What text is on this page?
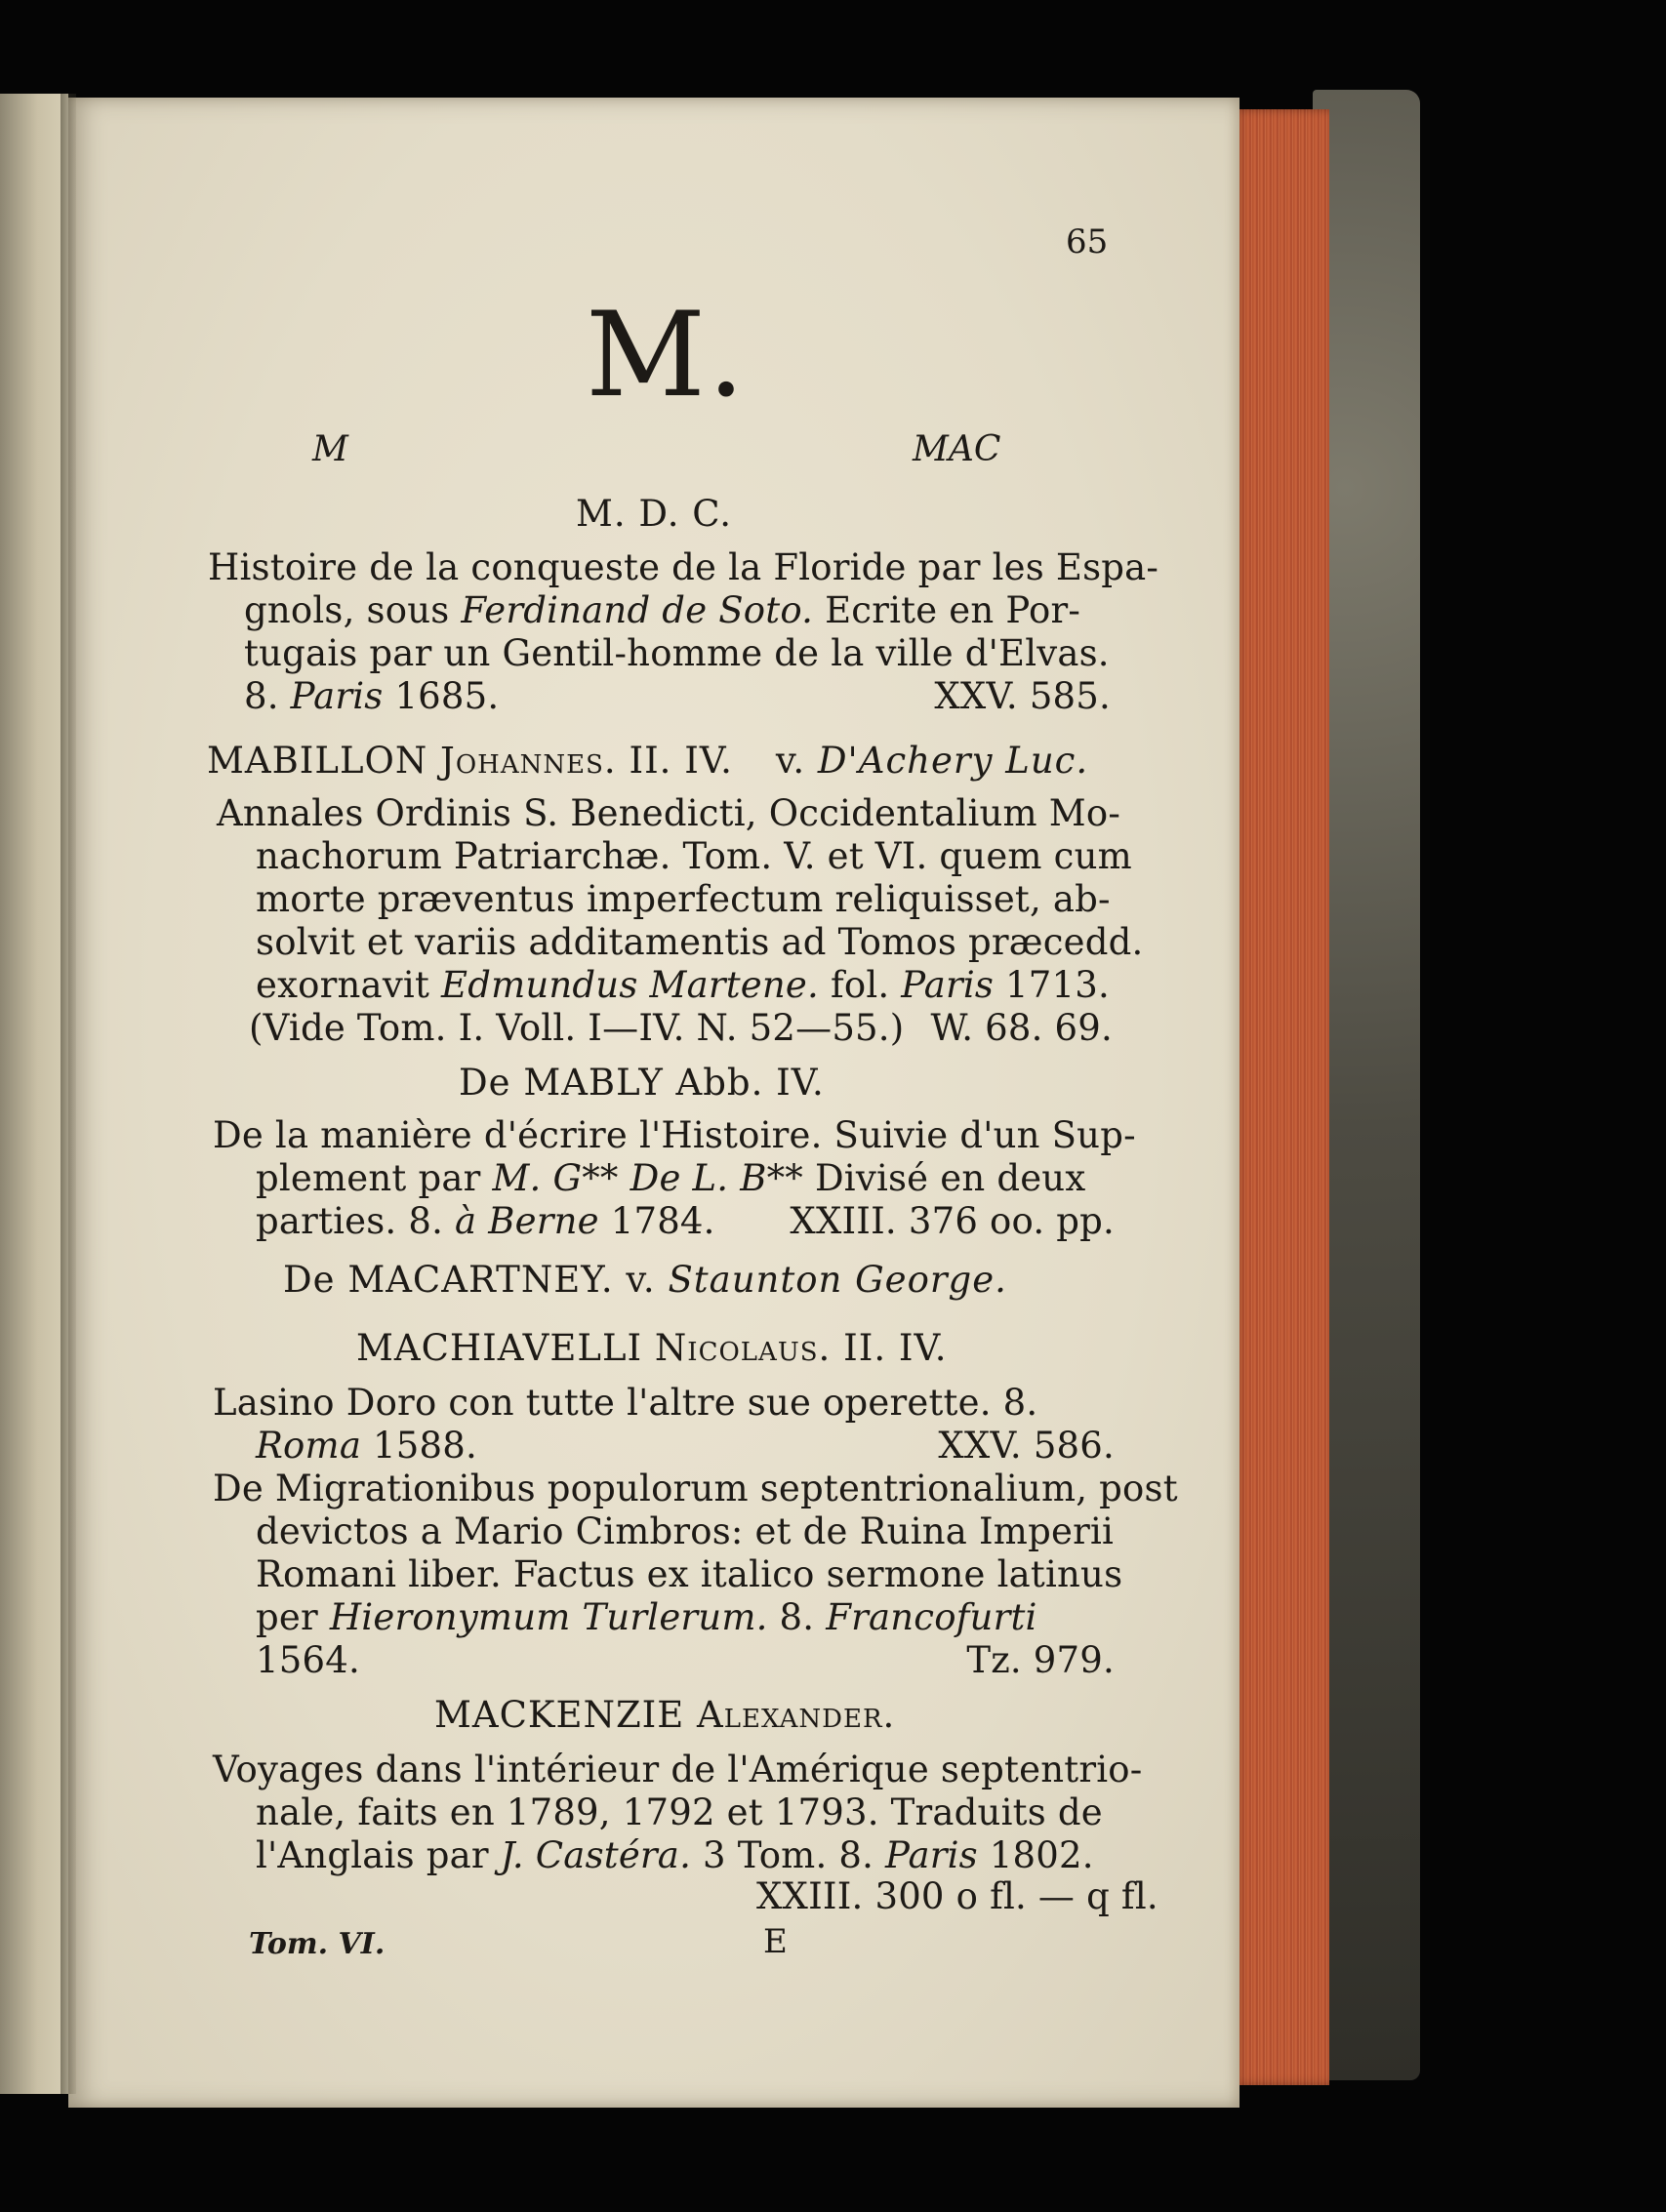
65
M.
M	MAC
M. D. C.
Histoire de la conqueste de la Floride par les Espa-
gnols, sous Ferdinand de Soto. Ecrite en Por-
tugais par un Gentil-homme de la ville d'Elvas.
8. Paris 1685.	XXV. 585.
MABILLON Johannes. II. IV. v. D'Achery Luc.
Annales Ordinis S. Benedicti, Occidentalium Mo-
nachorum Patriarchæ. Tom. V. et VI. quem cum
morte præventus imperfectum reliquisset, ab-
solvit et variis additamentis ad Tomos præcedd.
exornavit Edmundus Martene. fol. Paris 1713.
(Vide Tom. I. Voll. I—IV. N. 52—55.) W. 68. 69.
De MABLY Abb. IV.
De la manière d'écrire l'Histoire. Suivie d'un Sup-
plement par M. G** De L. B** Divisé en deux
parties. 8. à Berne 1784. XXIII. 376 oo. pp.
De MACARTNEY. v. Staunton George.
MACHIAVELLI Nicolaus. II. IV.
Lasino Doro con tutte l'altre sue operette. 8.
Roma 1588.	XXV. 586.
De Migrationibus populorum septentrionalium, post
devictos a Mario Cimbros: et de Ruina Imperii
Romani liber. Factus ex italico sermone latinus
per Hieronymum Turlerum. 8. Francofurti
1564.	Tz. 979.
MACKENZIE Alexander.
Voyages dans l'intérieur de l'Amérique septentrio-
nale, faits en 1789, 1792 et 1793. Traduits de
l'Anglais par J. Castéra. 3 Tom. 8. Paris 1802.
XXIII. 300 o fl. — q fl.
Tom. VI.	E
